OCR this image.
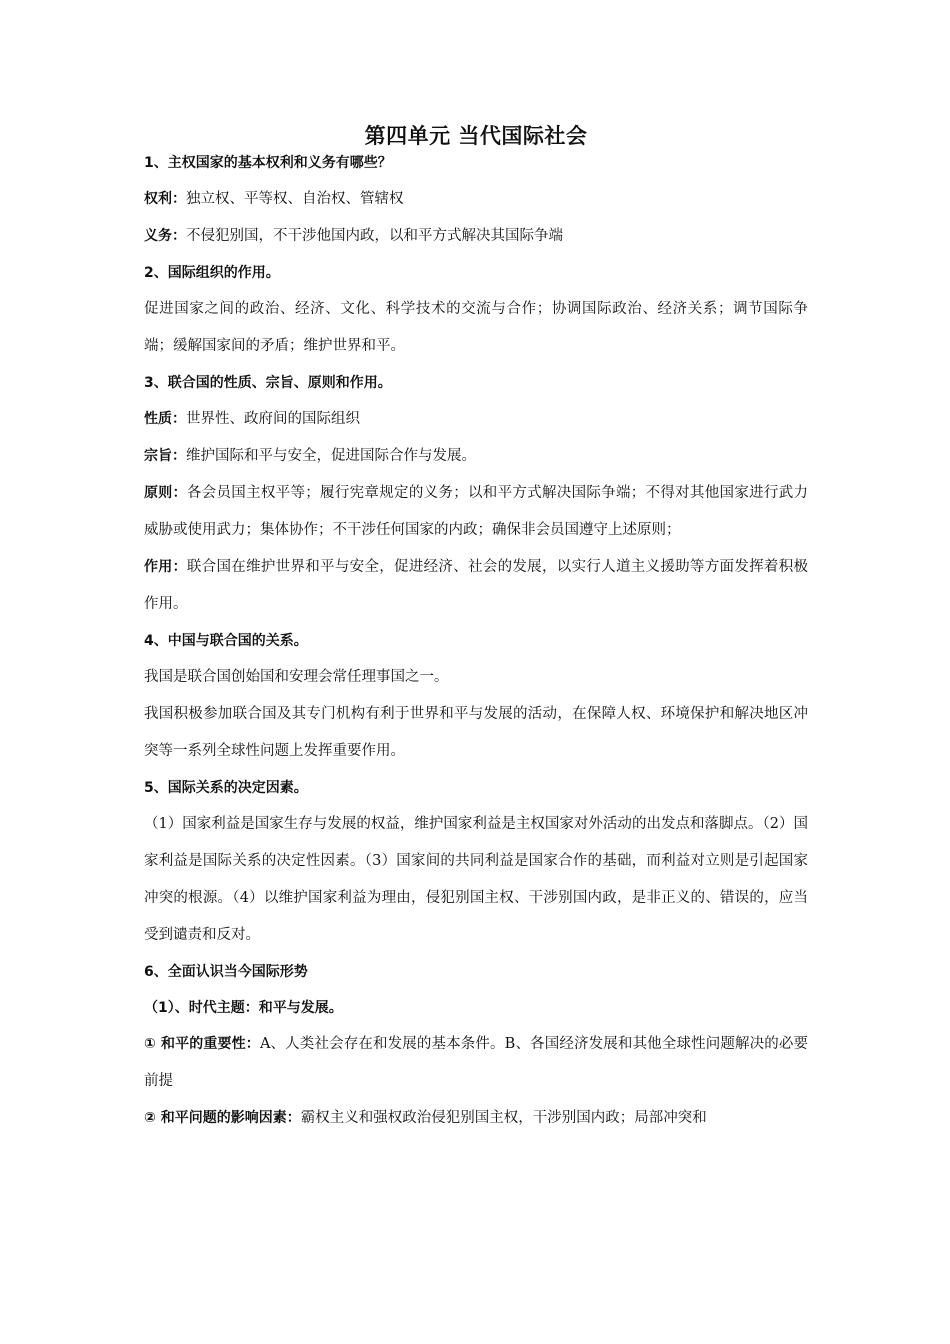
第四单元 当代国际社会

1、主权国家的基本权利和义务有哪些？

权利：独立权、平等权、自治权、管辖权

义务：不侵犯别国，不干涉他国内政，以和平方式解决其国际争端

2、国际组织的作用。

促进国家之间的政治、经济、文化、科学技术的交流与合作；协调国际政治、经济关系；调节国际争端；缓解国家间的矛盾；维护世界和平。

3、联合国的性质、宗旨、原则和作用。

性质：世界性、政府间的国际组织

宗旨：维护国际和平与安全，促进国际合作与发展。

原则：各会员国主权平等；履行宪章规定的义务；以和平方式解决国际争端；不得对其他国家进行武力威胁或使用武力；集体协作；不干涉任何国家的内政；确保非会员国遵守上述原则；

作用：联合国在维护世界和平与安全，促进经济、社会的发展，以实行人道主义援助等方面发挥着积极作用。

4、中国与联合国的关系。

我国是联合国创始国和安理会常任理事国之一。

我国积极参加联合国及其专门机构有利于世界和平与发展的活动，在保障人权、环境保护和解决地区冲突等一系列全球性问题上发挥重要作用。

5、国际关系的决定因素。

（1）国家利益是国家生存与发展的权益，维护国家利益是主权国家对外活动的出发点和落脚点。（2）国家利益是国际关系的决定性因素。（3）国家间的共同利益是国家合作的基础，而利益对立则是引起国家冲突的根源。（4）以维护国家利益为理由，侵犯别国主权、干涉别国内政，是非正义的、错误的，应当受到谴责和反对。

6、全面认识当今国际形势

（1）、时代主题：和平与发展。

① 和平的重要性：A、人类社会存在和发展的基本条件。B、各国经济发展和其他全球性问题解决的必要前提

② 和平问题的影响因素：霸权主义和强权政治侵犯别国主权，干涉别国内政；局部冲突和
